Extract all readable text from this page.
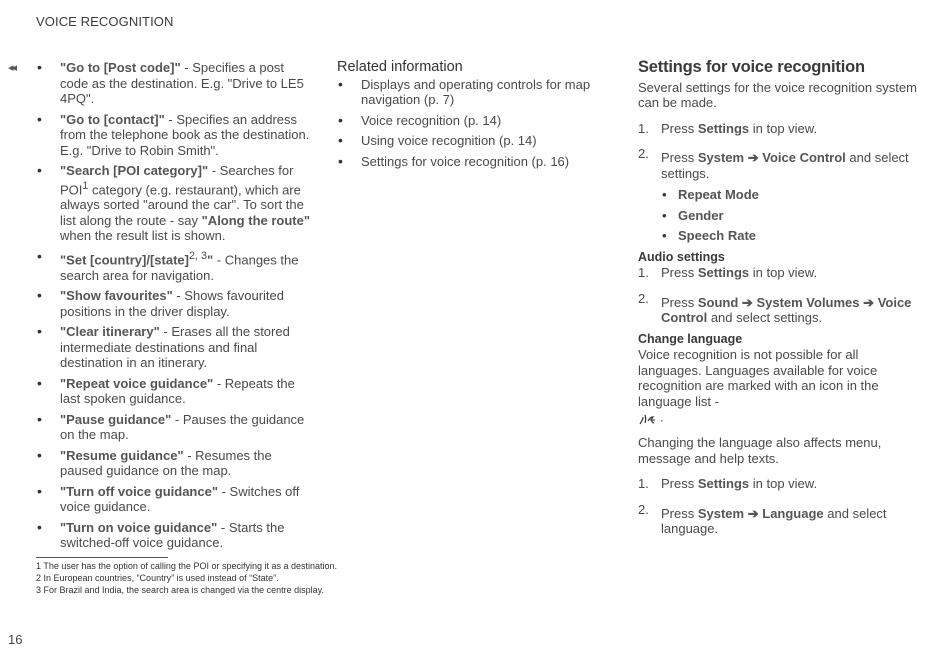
VOICE RECOGNITION
◂◂
•	"Go to [Post code]" - Specifies a post code as the destination. E.g. "Drive to LE5 4PQ".
• "Go to [contact]" - Specifies an address from the telephone book as the destination. E.g. "Drive to Robin Smith".
• "Search [POI category]" - Searches for POI$^1$ category (e.g. restaurant), which are always sorted "around the car". To sort the list along the route - say "Along the route" when the result list is shown.
• "Set [country]/[state]$^{2, 3}$" - Changes the search area for navigation.
• "Show favourites" - Shows favourited positions in the driver display.
• "Clear itinerary" - Erases all the stored intermediate destinations and final destination in an itinerary.
• "Repeat voice guidance" - Repeats the last spoken guidance.
• "Pause guidance" - Pauses the guidance on the map.
• "Resume guidance" - Resumes the paused guidance on the map.
• "Turn off voice guidance" - Switches off voice guidance.
• "Turn on voice guidance" - Starts the switched-off voice guidance.
Related information
• Displays and operating controls for map navigation (p. 7)
• Voice recognition (p. 14)
• Using voice recognition (p. 14)
• Settings for voice recognition (p. 16)
Settings for voice recognition

Several settings for the voice recognition system can be made.

1. Press Settings in top view.
2. Press System ➔ Voice Control and select settings.
• Repeat Mode
• Gender
• Speech Rate
Audio settings
1. Press Settings in top view.
2. Press Sound ➔ System Volumes ➔ Voice Control and select settings.
Change language

Voice recognition is not possible for all languages. Languages available for voice recognition are marked with an icon in the language list -
.

Changing the language also affects menu, message and help texts.

1. Press Settings in top view.
2. Press System ➔ Language and select language.
1 The user has the option of calling the POI or specifying it as a destination.
2 In European countries, “Country” is used instead of “State”.
3 For Brazil and India, the search area is changed via the centre display.
16
